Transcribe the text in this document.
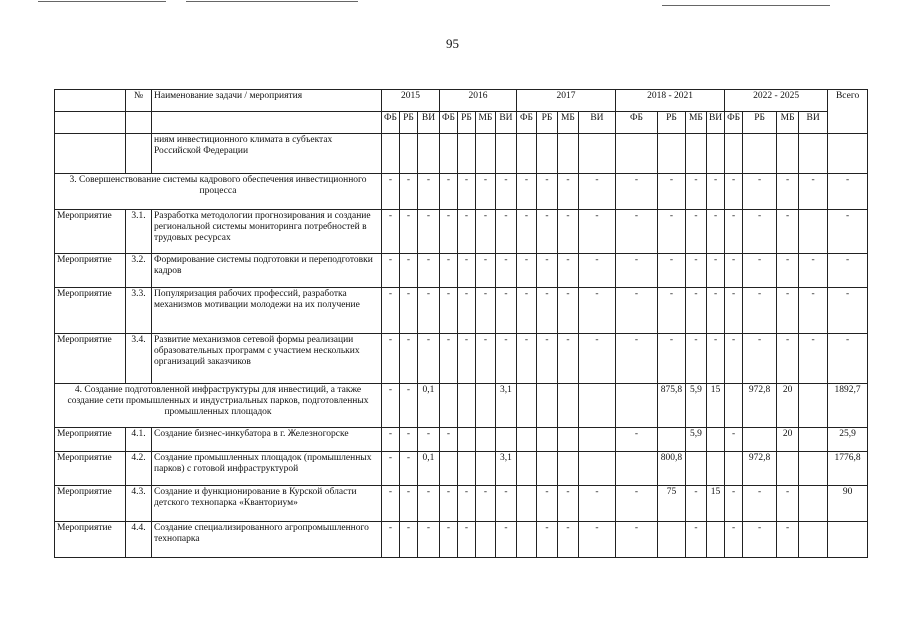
95
	№	Наименование задачи / мероприятия	2015			2016				2017				2018 - 2021				2022 - 2025				Всего
			ФБ	РБ	ВИ	ФБ	РБ	МБ	ВИ	ФБ	РБ	МБ	ВИ	ФБ	РБ	МБ	ВИ	ФБ	РБ	МБ	ВИ	
		ниям инвестиционного климата в субъектах Российской Федерации																				
3. Совершенствование системы кадрового обеспечения инвестиционного процесса			-	-	-	-	-	-	-	-	-	-	-	-	-	-	-	-	-	-	-	-
Мероприятие	3.1.	Разработка методологии прогнозирования и создание региональной системы мониторинга потребностей в трудовых ресурсах	-	-	-	-	-	-	-	-	-	-	-	-	-	-	-	-	-	-		-
Мероприятие	3.2.	Формирование системы подготовки и переподготовки кадров	-	-	-	-	-	-	-	-	-	-	-	-	-	-	-	-	-	-	-	-
Мероприятие	3.3.	Популяризация рабочих профессий, разработка механизмов мотивации молодежи на их получение	-	-	-	-	-	-	-	-	-	-	-	-	-	-	-	-	-	-	-	-
Мероприятие	3.4.	Развитие механизмов сетевой формы реализации образовательных программ с участием нескольких организаций заказчиков	-	-	-	-	-	-	-	-	-	-	-	-	-	-	-	-	-	-	-	-
4. Создание подготовленной инфраструктуры для инвестиций, а также создание сети промышленных и индустриальных парков, подготовленных промышленных площадок			-	-	0,1				3,1						875,8	5,9	15		972,8	20		1892,7
Мероприятие	4.1.	Создание бизнес-инкубатора в г. Железногорске	-	-	-	-								-		5,9		-		20		25,9
Мероприятие	4.2.	Создание промышленных площадок (промышленных парков) с готовой инфраструктурой	-	-	0,1				3,1						800,8				972,8			1776,8
Мероприятие	4.3.	Создание и функционирование в Курской области детского технопарка «Кванториум»	-	-	-	-	-	-	-		-	-	-	-	75	-	15	-	-	-		90
Мероприятие	4.4.	Создание специализированного агропромышленного технопарка	-	-	-	-	-		-		-	-	-	-		-		-	-	-		
